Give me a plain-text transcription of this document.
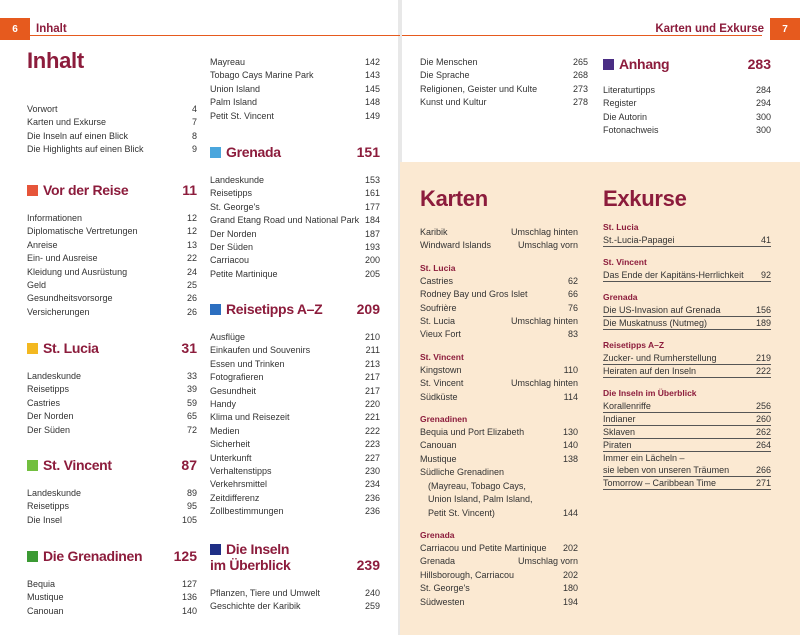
6	Inhalt	Karten und Exkurse	7
Inhalt
Vorwort	4
Karten und Exkurse	7
Die Inseln auf einen Blick	8
Die Highlights auf einen Blick	9
Vor der Reise	11
Informationen	12
Diplomatische Vertretungen	12
Anreise	13
Ein- und Ausreise	22
Kleidung und Ausrüstung	24
Geld	25
Gesundheitsvorsorge	26
Versicherungen	26
St. Lucia	31
Landeskunde	33
Reisetipps	39
Castries	59
Der Norden	65
Der Süden	72
St. Vincent	87
Landeskunde	89
Reisetipps	95
Die Insel	105
Die Grenadinen 125
Bequia	127
Mustique	136
Canouan	140
Mayreau	142
Tobago Cays Marine Park	143
Union Island	145
Palm Island	148
Petit St. Vincent	149
Grenada	151
Landeskunde	153
Reisetipps	161
St. George's	177
Grand Etang Road und National Park 184
Der Norden	187
Der Süden	193
Carriacou	200
Petite Martinique	205
Reisetipps A–Z 209
Ausflüge	210
Einkaufen und Souvenirs	211
Essen und Trinken	213
Fotografieren	217
Gesundheit	217
Handy	220
Klima und Reisezeit	221
Medien	222
Sicherheit	223
Unterkunft	227
Verhaltenstipps	230
Verkehrsmittel	234
Zeitdifferenz	236
Zollbestimmungen	236
Die Inseln
im Überblick	239
Pflanzen, Tiere und Umwelt	240
Geschichte der Karibik	259
Die Menschen	265
Die Sprache	268
Religionen, Geister und Kulte	273
Kunst und Kultur	278
Anhang	283
Literaturtipps	284
Register	294
Die Autorin	300
Fotonachweis	300
Karten
Karibik	Umschlag hinten
Windward Islands	Umschlag vorn
St. Lucia
Castries	62
Rodney Bay und Gros Islet	66
Soufrière	76
St. Lucia	Umschlag hinten
Vieux Fort	83
St. Vincent
Kingstown	110
St. Vincent	Umschlag hinten
Südküste	114
Grenadinen
Bequia und Port Elizabeth	130
Canouan	140
Mustique	138
Südliche Grenadinen
(Mayreau, Tobago Cays,
Union Island, Palm Island,
Petit St. Vincent)	144
Grenada
Carriacou und Petite Martinique 202
Grenada	Umschlag vorn
Hillsborough, Carriacou	202
St. George's	180
Südwesten	194
Exkurse
St. Lucia
St.-Lucia-Papagei	41
St. Vincent
Das Ende der Kapitäns-Herrlichkeit 92
Grenada
Die US-Invasion auf Grenada	156
Die Muskatnuss (Nutmeg)	189
Reisetipps A–Z
Zucker- und Rumherstellung	219
Heiraten auf den Inseln	222
Die Inseln im Überblick
Korallenriffe	256
Indianer	260
Sklaven	262
Piraten	264
Immer ein Lächeln –
sie leben von unseren Träumen	266
Tomorrow – Caribbean Time	271
